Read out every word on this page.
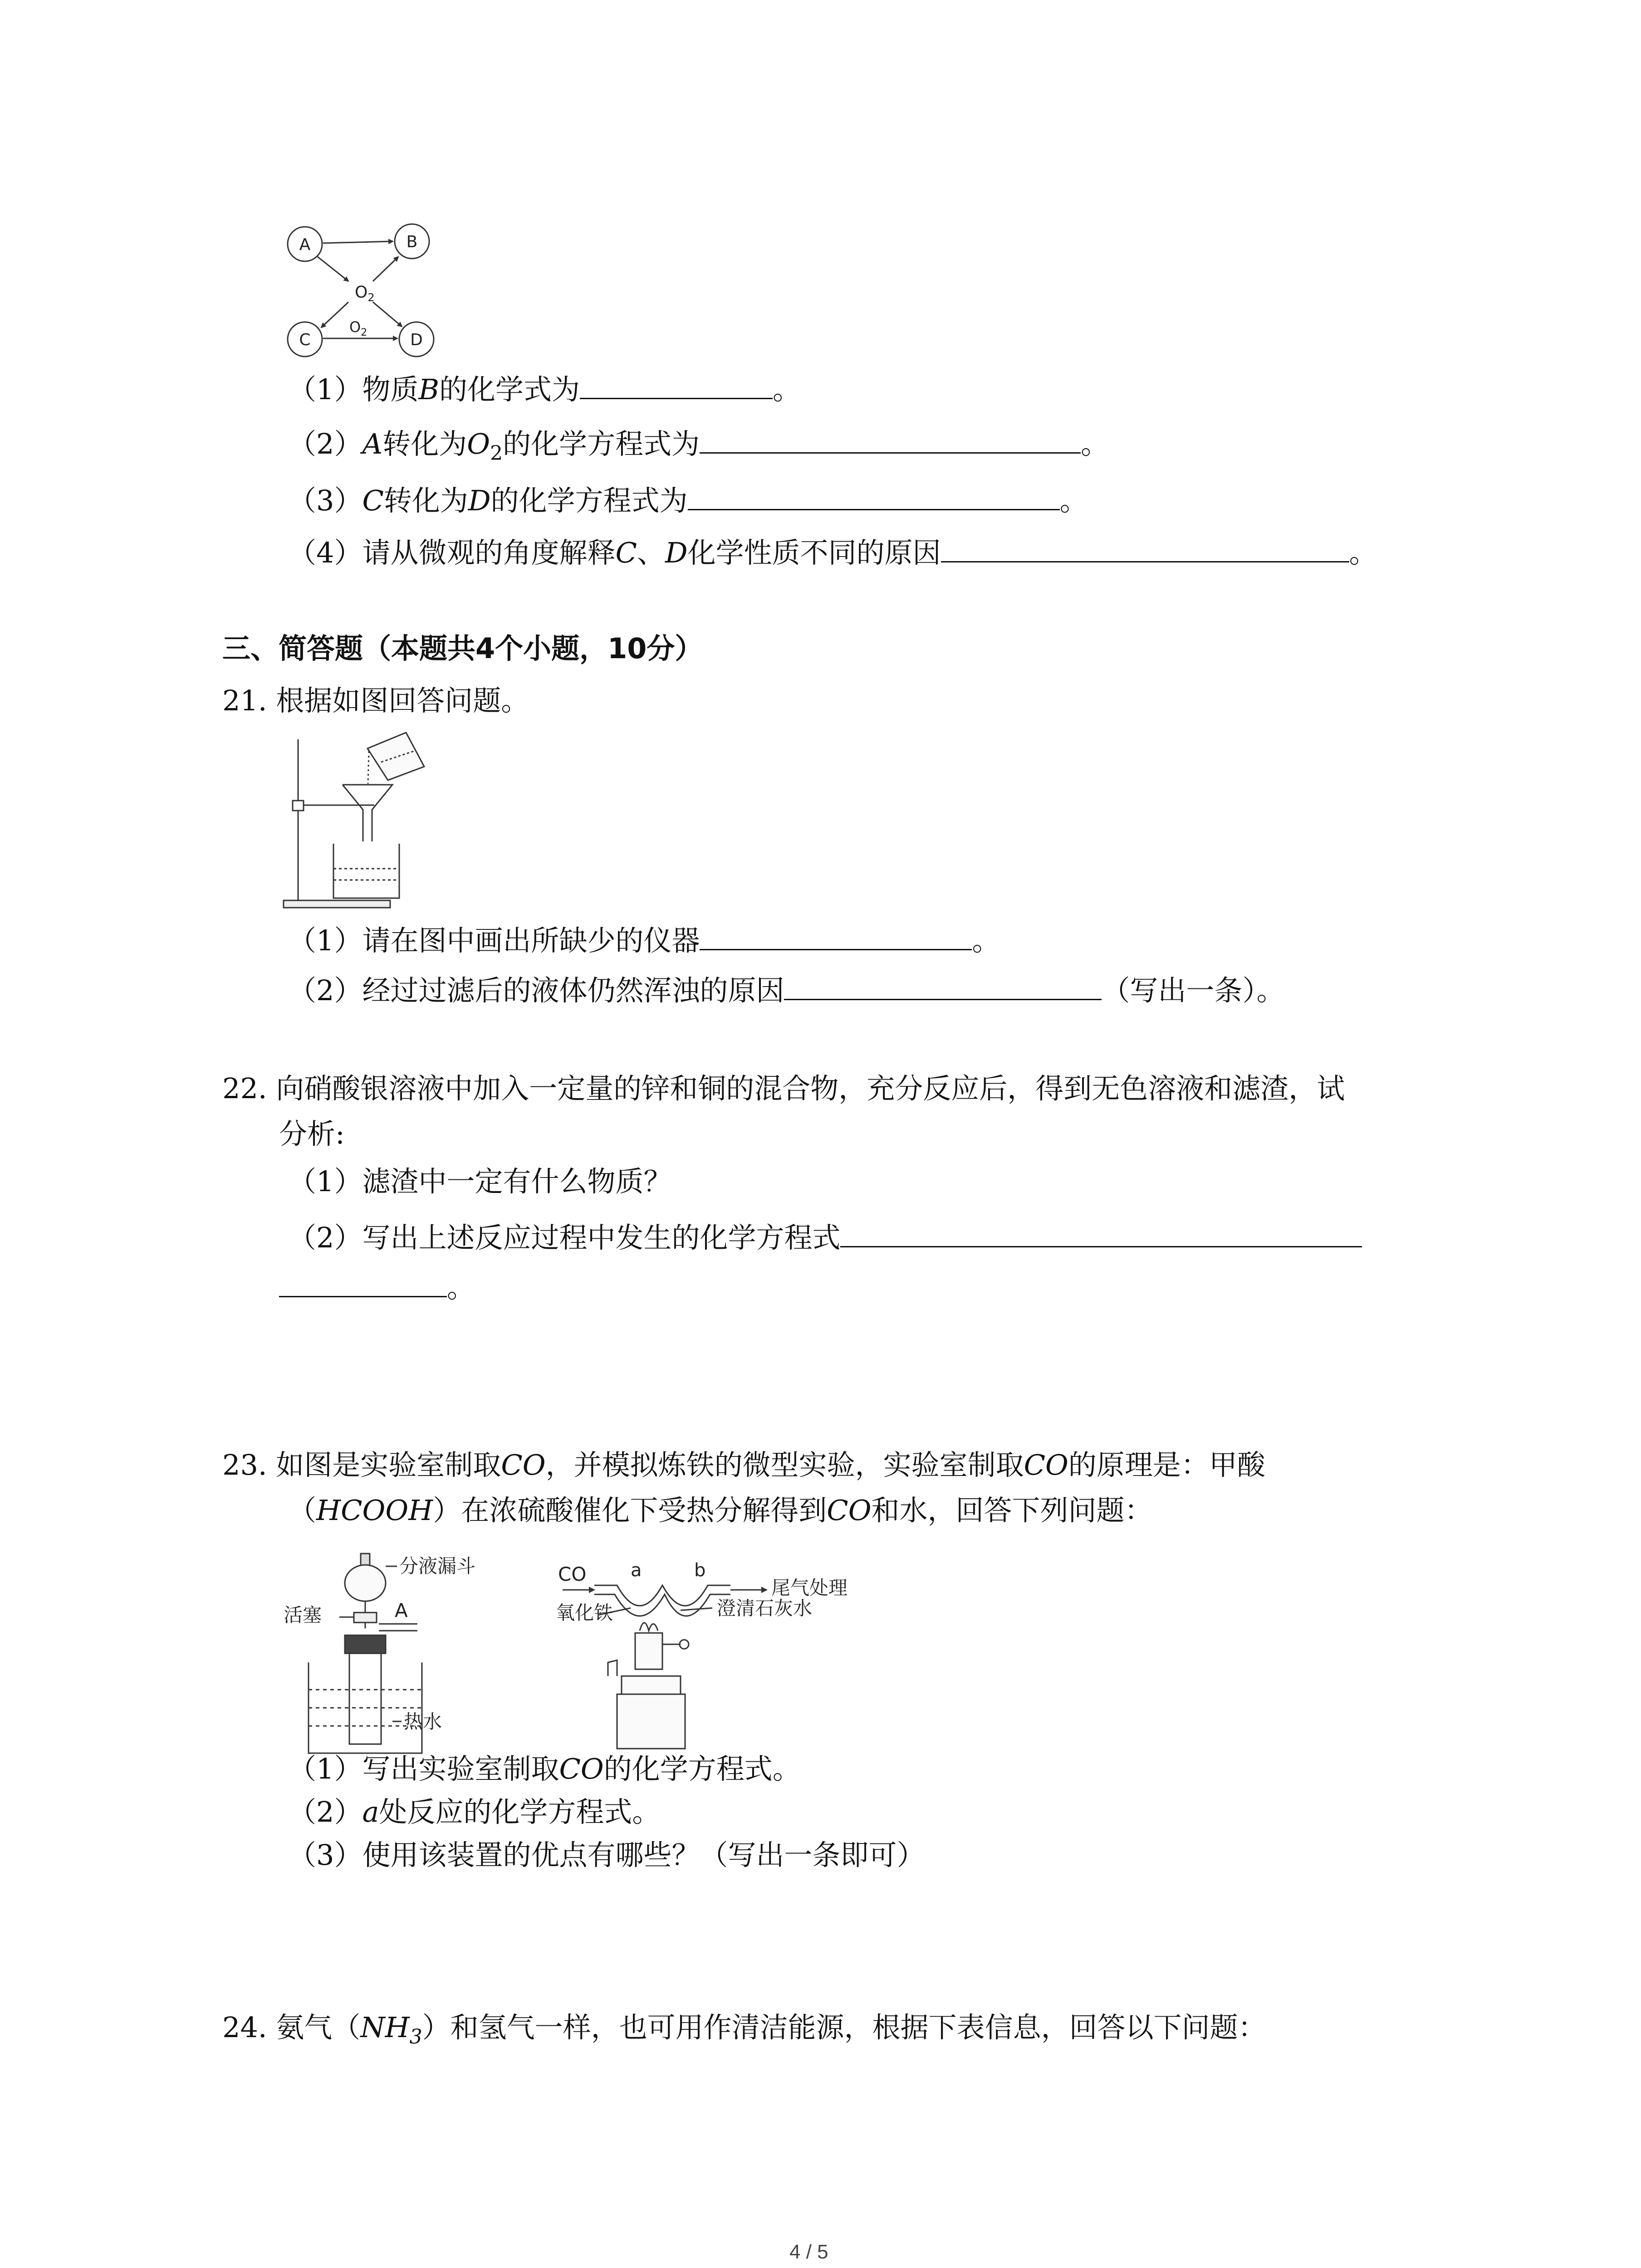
A	B
C	D
$O_2$
$O_2$
（1）物质B的化学式为	。
（2）A转化为$O_2$的化学方程式为	。
（3）C转化为D的化学方程式为	。
（4）请从微观的角度解释C、D化学性质不同的原因	。
三、简答题（本题共4个小题，10分）
21. 根据如图回答问题。
（1）请在图中画出所缺少的仪器	。
（2）经过过滤后的液体仍然浑浊的原因	（写出一条）。
22. 向硝酸银溶液中加入一定量的锌和铜的混合物，充分反应后，得到无色溶液和滤渣，试
分析:
（1）滤渣中一定有什么物质？
（2）写出上述反应过程中发生的化学方程式
。
23. 如图是实验室制取CO，并模拟炼铁的微型实验，实验室制取CO的原理是：甲酸
（HCOOH）在浓硫酸催化下受热分解得到CO和水，回答下列问题：
分液漏斗
活塞	A
热水
CO a	b
尾气处理
氧化铁	澄清石灰水
（1）写出实验室制取CO的化学方程式。
（2）a处反应的化学方程式。
（3）使用该装置的优点有哪些？（写出一条即可）
24. 氨气$(NH_3)$和氢气一样，也可用作清洁能源，根据下表信息，回答以下问题：
4 / 5
